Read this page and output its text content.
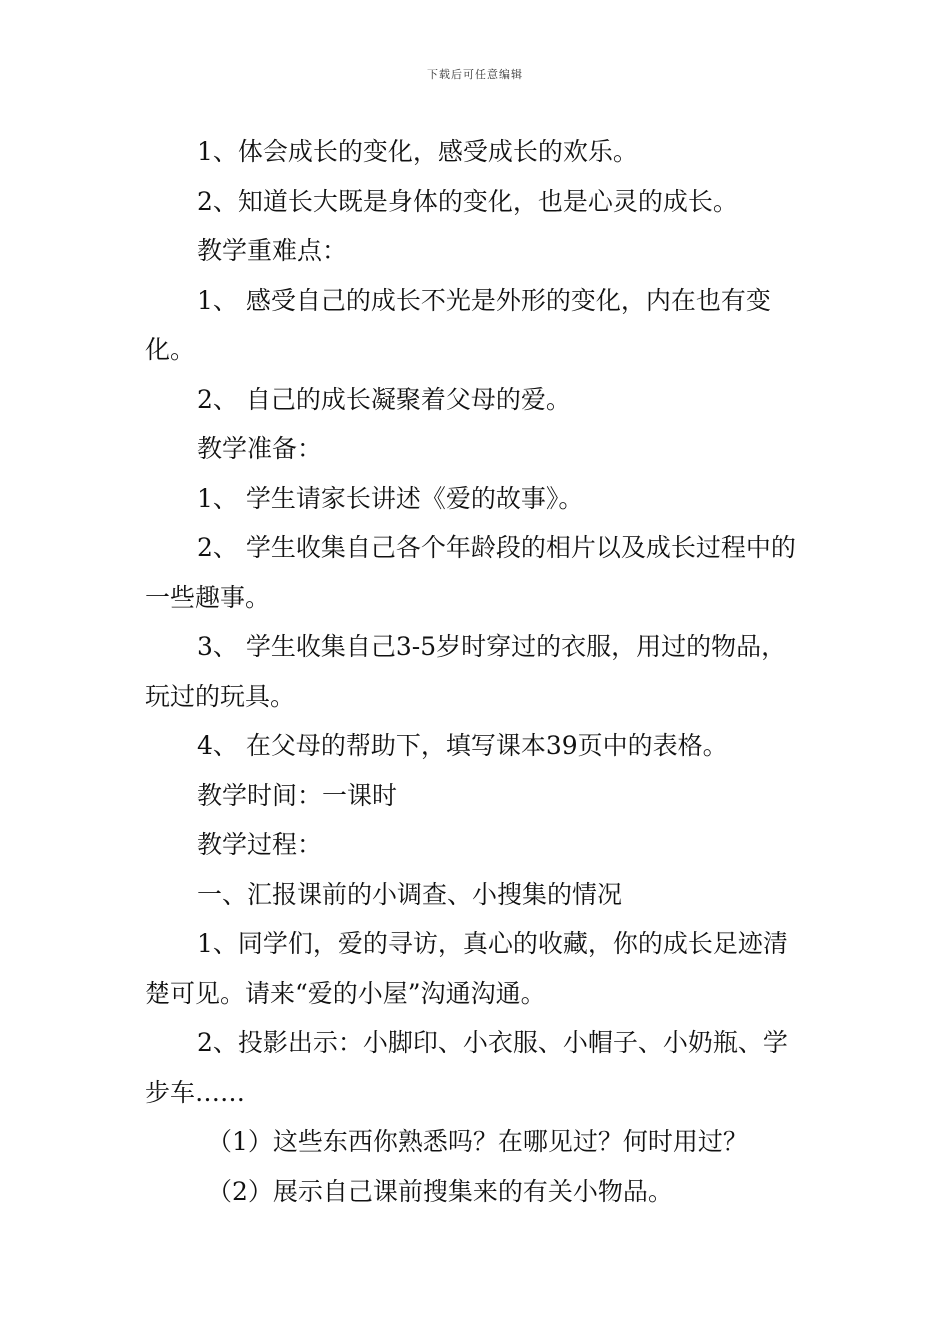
下载后可任意编辑

1、体会成长的变化，感受成长的欢乐。

2、知道长大既是身体的变化，也是心灵的成长。

教学重难点：

1、 感受自己的成长不光是外形的变化，内在也有变化。

2、 自己的成长凝聚着父母的爱。

教学准备：

1、 学生请家长讲述《爱的故事》。

2、 学生收集自己各个年龄段的相片以及成长过程中的一些趣事。

3、 学生收集自己3-5岁时穿过的衣服，用过的物品，玩过的玩具。

4、 在父母的帮助下，填写课本39页中的表格。

教学时间：一课时

教学过程：

一、汇报课前的小调查、小搜集的情况

1、同学们，爱的寻访，真心的收藏，你的成长足迹清楚可见。请来“爱的小屋”沟通沟通。

2、投影出示：小脚印、小衣服、小帽子、小奶瓶、学步车……

（1）这些东西你熟悉吗？在哪见过？何时用过？

（2）展示自己课前搜集来的有关小物品。
